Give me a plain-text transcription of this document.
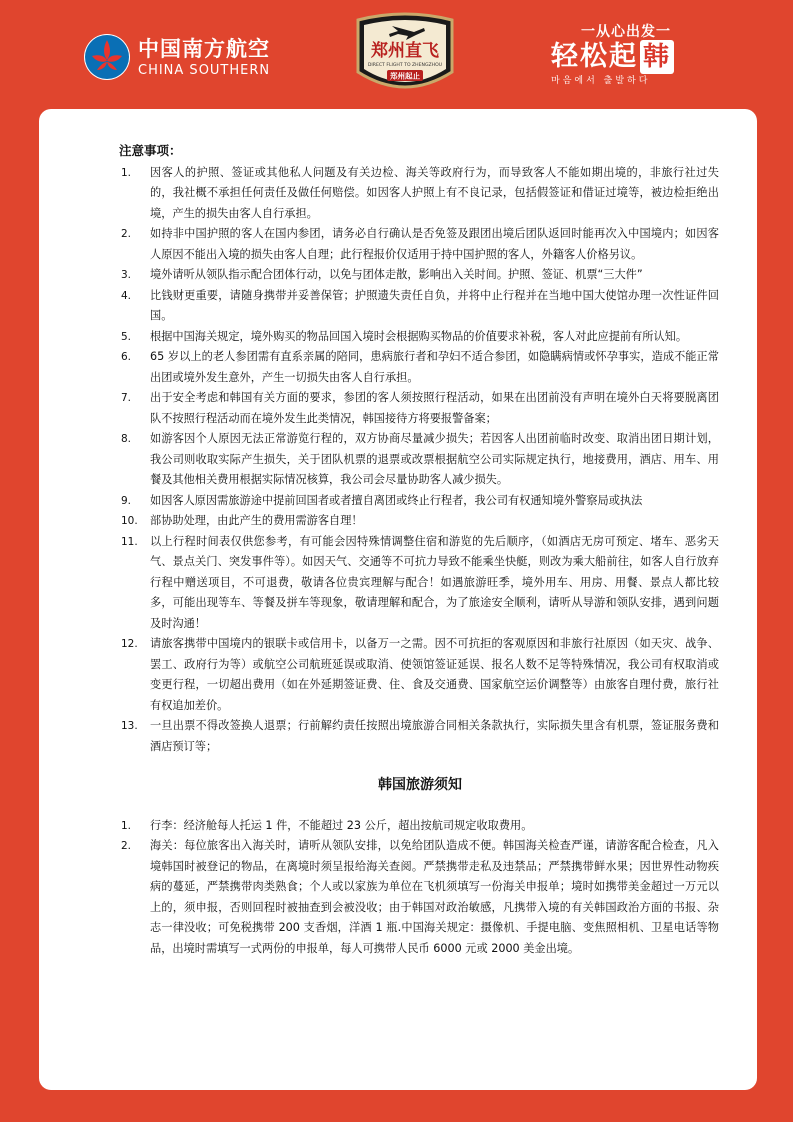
中国南方航空
CHINA SOUTHERN
郑州直飞
DIRECT FLIGHT TO ZHENGZHOU
郑州起止
一从心出发一
轻松起 韩
마음에서 출발하다
注意事项：
1.	因客人的护照、签证或其他私人问题及有关边检、海关等政府行为，而导致客人不能如期出境的，非旅行社过失的，我社概不承担任何责任及做任何赔偿。如因客人护照上有不良记录，包括假签证和借证过境等，被边检拒绝出境，产生的损失由客人自行承担。
2.	如持非中国护照的客人在国内参团，请务必自行确认是否免签及跟团出境后团队返回时能再次入中国境内；如因客人原因不能出入境的损失由客人自理；此行程报价仅适用于持中国护照的客人，外籍客人价格另议。
3.	境外请听从领队指示配合团体行动，以免与团体走散，影响出入关时间。护照、签证、机票“三大件”
4.	比钱财更重要，请随身携带并妥善保管；护照遗失责任自负，并将中止行程并在当地中国大使馆办理一次性证件回国。
5.	根据中国海关规定，境外购买的物品回国入境时会根据购买物品的价值要求补税，客人对此应提前有所认知。
6.	65 岁以上的老人参团需有直系亲属的陪同，患病旅行者和孕妇不适合参团，如隐瞒病情或怀孕事实，造成不能正常出团或境外发生意外，产生一切损失由客人自行承担。
7.	出于安全考虑和韩国有关方面的要求，参团的客人须按照行程活动，如果在出团前没有声明在境外白天将要脱离团队不按照行程活动而在境外发生此类情况，韩国接待方将要报警备案；
8.	如游客因个人原因无法正常游览行程的，双方协商尽量减少损失；若因客人出团前临时改变、取消出团日期计划，我公司则收取实际产生损失，关于团队机票的退票或改票根据航空公司实际规定执行，地接费用，酒店、用车、用餐及其他相关费用根据实际情况核算，我公司会尽量协助客人减少损失。
9.	如因客人原因需旅游途中提前回国者或者擅自离团或终止行程者，我公司有权通知境外警察局或执法
10.	部协助处理，由此产生的费用需游客自理！
11.	以上行程时间表仅供您参考，有可能会因特殊情调整住宿和游览的先后顺序，（如酒店无房可预定、堵车、恶劣天气、景点关门、突发事件等）。如因天气、交通等不可抗力导致不能乘坐快艇，则改为乘大船前往，如客人自行放弃行程中赠送项目，不可退费，敬请各位贵宾理解与配合！如遇旅游旺季，境外用车、用房、用餐、景点人都比较多，可能出现等车、等餐及拼车等现象，敬请理解和配合，为了旅途安全顺利，请听从导游和领队安排，遇到问题及时沟通！
12.	请旅客携带中国境内的银联卡或信用卡，以备万一之需。因不可抗拒的客观原因和非旅行社原因（如天灾、战争、罢工、政府行为等）或航空公司航班延误或取消、使领馆签证延误、报名人数不足等特殊情况，我公司有权取消或变更行程，一切超出费用（如在外延期签证费、住、食及交通费、国家航空运价调整等）由旅客自理付费，旅行社有权追加差价。
13.	一旦出票不得改签换人退票；行前解约责任按照出境旅游合同相关条款执行，实际损失里含有机票，签证服务费和酒店预订等；
韩国旅游须知
1.	行李：经济舱每人托运 1 件，不能超过 23 公斤，超出按航司规定收取费用。
2.	海关：每位旅客出入海关时，请听从领队安排，以免给团队造成不便。韩国海关检查严谨，请游客配合检查，凡入境韩国时被登记的物品，在离境时须呈报给海关查阅。严禁携带走私及违禁品；严禁携带鲜水果；因世界性动物疾病的蔓延，严禁携带肉类熟食；个人或以家族为单位在飞机须填写一份海关申报单；境时如携带美金超过一万元以上的，须申报，否则回程时被抽查到会被没收；由于韩国对政治敏感，凡携带入境的有关韩国政治方面的书报、杂志一律没收；可免税携带 200 支香烟，洋酒 1 瓶.中国海关规定：摄像机、手提电脑、变焦照相机、卫星电话等物品，出境时需填写一式两份的申报单，每人可携带人民币 6000 元或 2000 美金出境。
